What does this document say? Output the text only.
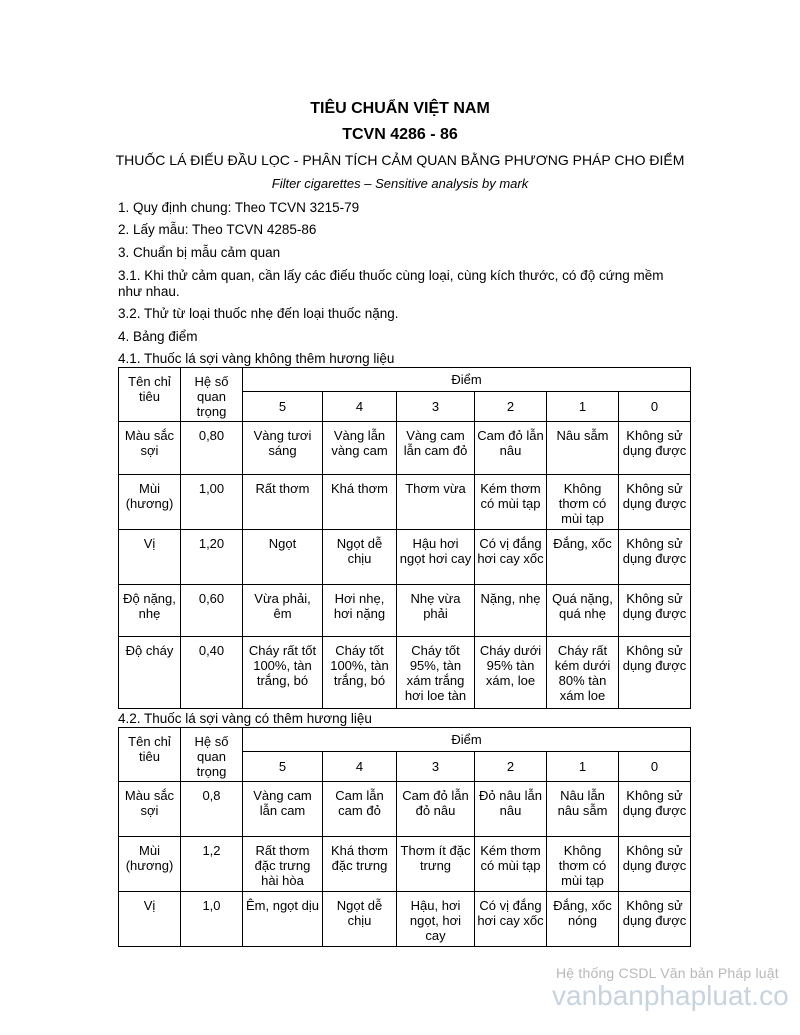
TIÊU CHUẨN VIỆT NAM
TCVN 4286 - 86
THUỐC LÁ ĐIẾU ĐẦU LỌC - PHÂN TÍCH CẢM QUAN BẰNG PHƯƠNG PHÁP CHO ĐIỂM
Filter cigarettes – Sensitive analysis by mark
1. Quy định chung: Theo TCVN 3215-79
2. Lấy mẫu: Theo TCVN 4285-86
3. Chuẩn bị mẫu cảm quan
3.1. Khi thử cảm quan, cần lấy các điếu thuốc cùng loại, cùng kích thước, có độ cứng mềm như nhau.
3.2. Thử từ loại thuốc nhẹ đến loại thuốc nặng.
4. Bảng điểm
4.1. Thuốc lá sợi vàng không thêm hương liệu
Tên chỉ tiêu	Hệ số quan trọng	Điểm					
		5	4	3	2	1	0
Màu sắc sợi	0,80	Vàng tươi sáng	Vàng lẫn vàng cam	Vàng cam lẫn cam đỏ	Cam đỏ lẫn nâu	Nâu sẫm	Không sử dụng được
Mùi (hương)	1,00	Rất thơm	Khá thơm	Thơm vừa	Kém thơm có mùi tạp	Không thơm có mùi tạp	Không sử dụng được
Vị	1,20	Ngọt	Ngọt dễ chịu	Hậu hơi ngọt hơi cay	Có vị đắng hơi cay xốc	Đắng, xốc	Không sử dụng được
Độ nặng, nhẹ	0,60	Vừa phải, êm	Hơi nhẹ, hơi nặng	Nhẹ vừa phải	Nặng, nhẹ	Quá nặng, quá nhẹ	Không sử dụng được
Độ cháy	0,40	Cháy rất tốt 100%, tàn trắng, bó	Cháy tốt 100%, tàn trắng, bó	Cháy tốt 95%, tàn xám trắng hơi loe tàn	Cháy dưới 95% tàn xám, loe	Cháy rất kém dưới 80% tàn xám loe	Không sử dụng được
4.2. Thuốc lá sợi vàng có thêm hương liệu
Tên chỉ tiêu	Hệ số quan trọng	Điểm					
		5	4	3	2	1	0
Màu sắc sợi	0,8	Vàng cam lẫn cam	Cam lẫn cam đỏ	Cam đỏ lẫn đỏ nâu	Đỏ nâu lẫn nâu	Nâu lẫn nâu sẫm	Không sử dụng được
Mùi (hương)	1,2	Rất thơm đặc trưng hài hòa	Khá thơm đặc trưng	Thơm ít đặc trưng	Kém thơm có mùi tạp	Không thơm có mùi tạp	Không sử dụng được
Vị	1,0	Êm, ngọt dịu	Ngọt dễ chịu	Hậu, hơi ngọt, hơi cay	Có vị đắng hơi cay xốc	Đắng, xốc nóng	Không sử dụng được
Hệ thống CSDL Văn bản Pháp luật
vanbanphapluat.co
